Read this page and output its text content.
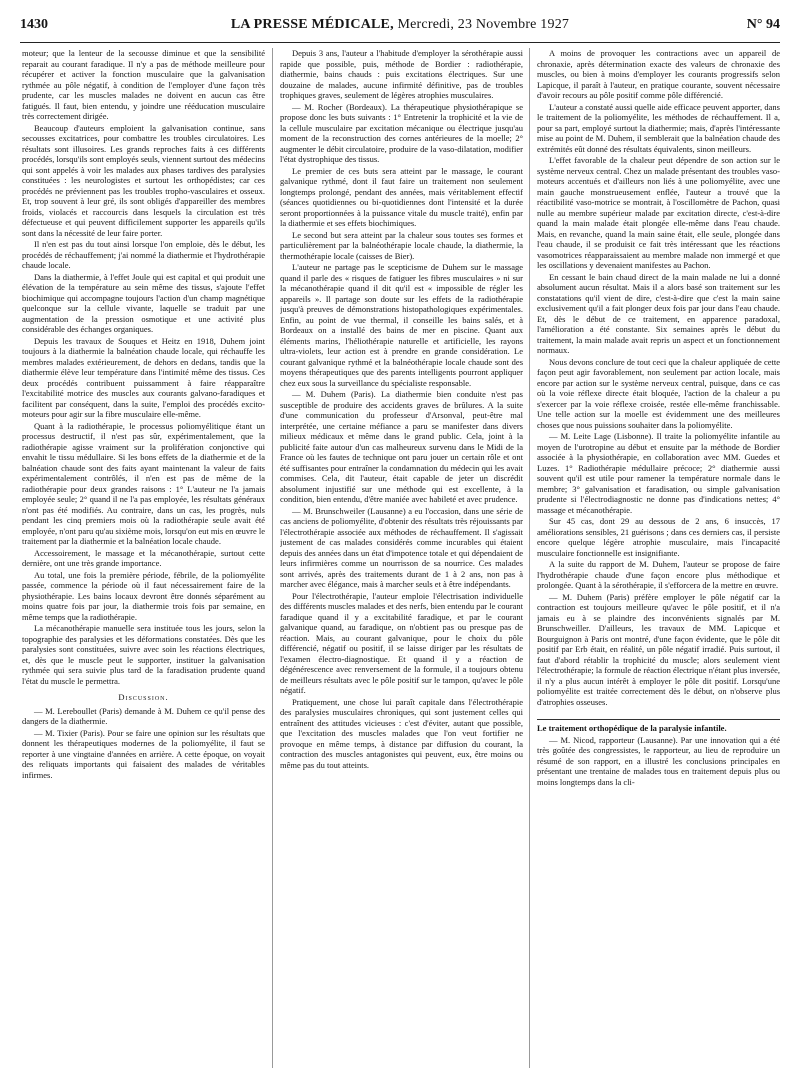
1430	LA PRESSE MÉDICALE, Mercredi, 23 Novembre 1927	N° 94

moteur; que la lenteur de la secousse diminue et que la sensibilité reparait au courant faradique. Il n'y a pas de méthode meilleure pour récupérer et activer la fonction musculaire que la galvanisation rythmée au pôle négatif, à condition de l'employer d'une façon très prudente, car les muscles malades ne doivent en aucun cas être fatigués. Il faut, bien entendu, y joindre une rééducation musculaire très correctement dirigée.

Beaucoup d'auteurs emploient la galvanisation continue, sans secousses excitatrices, pour combattre les troubles circulatoires. Les résultats sont illusoires. Les grands reproches faits à ces différents procédés, lorsqu'ils sont employés seuls, viennent surtout des médecins qui sont appelés à voir les malades aux phases tardives des paralysies constituées : les neurologistes et surtout les orthopédistes; car ces procédés ne préviennent pas les troubles tropho-vasculaires et osseux. Et, trop souvent à leur gré, ils sont obligés d'appareiller des membres froids, violacés et raccourcis dans lesquels la circulation est très défectueuse et qui peuvent difficilement supporter les appareils qu'ils sont dans la nécessité de leur faire porter.

Il n'en est pas du tout ainsi lorsque l'on emploie, dès le début, les procédés de réchauffement; j'ai nommé la diathermie et l'hydrothérapie chaude locale.

Dans la diathermie, à l'effet Joule qui est capital et qui produit une élévation de la température au sein même des tissus, s'ajoute l'effet biochimique qui accompagne toujours l'action d'un champ magnétique quelconque sur la cellule vivante, laquelle se traduit par une augmentation de la pression osmotique et une activité plus considérable des échanges organiques.

Depuis les travaux de Souques et Heitz en 1918, Duhem joint toujours à la diathermie la balnéation chaude locale, qui réchauffe les membres malades extérieurement, de dehors en dedans, tandis que la diathermie élève leur température dans l'intimité même des tissus. Ces deux procédés contribuent puissamment à faire réapparaître l'excitabilité motrice des muscles aux courants galvano-faradiques et facilitent par conséquent, dans la suite, l'emploi des procédés excito-moteurs pour agir sur la fibre musculaire elle-même.

Quant à la radiothérapie, le processus poliomyélitique étant un processus destructif, il n'est pas sûr, expérimentalement, que la radiothérapie agisse vraiment sur la prolifération conjonctive qui envahit le tissu médullaire. Si les bons effets de la diathermie et de la balnéation chaude sont des faits ayant maintenant la valeur de faits expérimentalement contrôlés, il n'en est pas de même de la radiothérapie pour deux grandes raisons : 1° L'auteur ne l'a jamais employée seule; 2° quand il ne l'a pas employée, les résultats généraux n'ont pas été modifiés. Au contraire, dans un cas, les progrès, nuls pendant les cinq premiers mois où la radiothérapie seule avait été employée, n'ont paru qu'au sixième mois, lorsqu'on eut mis en œuvre le traitement par la diathermie et la balnéation locale chaude.

Accessoirement, le massage et la mécanothérapie, surtout cette dernière, ont une très grande importance.

Au total, une fois la première période, fébrile, de la poliomyélite passée, commence la période où il faut nécessairement faire de la physiothérapie. Les bains locaux devront être donnés séparément au moins quatre fois par jour, la diathermie trois fois par semaine, en même temps que la radiothérapie.

La mécanothérapie manuelle sera instituée tous les jours, selon la topographie des paralysies et les déformations constatées. Dès que les paralysies sont constituées, suivre avec soin les réactions électriques, et, dès que le muscle peut le supporter, instituer la galvanisation rythmée qui sera suivie plus tard de la faradisation prudente quand l'état du muscle le permettra.

Discussion.

— M. Lereboullet (Paris) demande à M. Duhem ce qu'il pense des dangers de la diathermie.

— M. Tixier (Paris). Pour se faire une opinion sur les résultats que donnent les thérapeutiques modernes de la poliomyélite, il faut se reporter à une vingtaine d'années en arrière. A cette époque, on voyait des reliquats importants qui faisaient des malades de véritables infirmes.

Depuis 3 ans, l'auteur a l'habitude d'employer la sérothérapie aussi rapide que possible, puis, méthode de Bordier : radiothérapie, diathermie, bains chauds : puis excitations électriques. Sur une douzaine de malades, aucune infirmité définitive, pas de troubles trophiques graves, seulement de légères atrophies musculaires.

— M. Rocher (Bordeaux). La thérapeutique physiothérapique se propose donc les buts suivants : 1° Entretenir la trophicité et la vie de la cellule musculaire par excitation mécanique ou électrique jusqu'au moment de la reconstruction des cornes antérieures de la moelle; 2° augmenter le débit circulatoire, produire de la vaso-dilatation, modifier l'état dystrophique des tissus.

Le premier de ces buts sera atteint par le massage, le courant galvanique rythmé, dont il faut faire un traitement non seulement longtemps prolongé, pendant des années, mais véritablement effectif (séances quotidiennes ou bi-quotidiennes dont l'intensité et la durée seront proportionnées à la puissance vitale du muscle traité), enfin par la diathermie et ses effets biochimiques.

Le second but sera atteint par la chaleur sous toutes ses formes et particulièrement par la balnéothérapie locale chaude, la diathermie, la thermothérapie locale (caisses de Bier).

L'auteur ne partage pas le scepticisme de Duhem sur le massage quand il parle des « risques de fatiguer les fibres musculaires » ni sur la mécanothérapie quand il dit qu'il est « impossible de régler les appareils ». Il partage son doute sur les effets de la radiothérapie jusqu'à preuves de démonstrations histopathologiques expérimentales. Enfin, au point de vue thermal, il conseille les bains salés, et à Bordeaux on a installé des bains de mer en piscine. Quant aux éléments marins, l'héliothérapie naturelle et artificielle, les rayons ultra-violets, leur action est à prendre en grande considération. Le courant galvanique rythmé et la balnéothérapie locale chaude sont des moyens thérapeutiques que des parents intelligents pourront appliquer chez eux sous la surveillance du spécialiste responsable.

— M. Duhem (Paris). La diathermie bien conduite n'est pas susceptible de produire des accidents graves de brûlures. A la suite d'une communication du professeur d'Arsonval, peut-être mal interprétée, une certaine méfiance a paru se manifester dans divers milieux médicaux et même dans le grand public. Cela, joint à la publicité faite autour d'un cas malheureux survenu dans le Midi de la France où les fautes de technique ont paru jouer un certain rôle et ont été suffisantes pour entraîner la condamnation du médecin qui les avait commises. Cela, dit l'auteur, était capable de jeter un discrédit absolument injustifié sur une méthode qui est excellente, à la condition, bien entendu, d'être maniée avec habileté et avec prudence.

— M. Brunschweiler (Lausanne) a eu l'occasion, dans une série de cas anciens de poliomyélite, d'obtenir des résultats très réjouissants par l'électrothérapie associée aux méthodes de réchauffement. Il s'agissait justement de cas malades considérés comme incurables qui étaient depuis des années dans un état d'impotence totale et qui dépendaient de leurs infirmières comme un nourrisson de sa nourrice. Ces malades sont arrivés, après des traitements durant de 1 à 2 ans, non pas à marcher avec élégance, mais à marcher seuls et à être indépendants.

Pour l'électrothérapie, l'auteur emploie l'électrisation individuelle des différents muscles malades et des nerfs, bien entendu par le courant faradique quand il y a excitabilité faradique, et par le courant galvanique quand, au faradique, on n'obtient pas ou presque pas de réaction. Mais, au courant galvanique, pour le choix du pôle différencié, négatif ou positif, il se laisse diriger par les résultats de l'examen électro-diagnostique. Et quand il y a réaction de dégénérescence avec renversement de la formule, il a toujours obtenu de meilleurs résultats avec le pôle positif sur le tampon, qu'avec le pôle négatif.

Pratiquement, une chose lui paraît capitale dans l'électrothérapie des paralysies musculaires chroniques, qui sont justement celles qui entraînent des attitudes vicieuses : c'est d'éviter, autant que possible, que l'excitation des muscles malades que l'on veut fortifier ne provoque en même temps, à distance par diffusion du courant, la contraction des muscles antagonistes qui peuvent, eux, être moins ou même pas du tout atteints.

A moins de provoquer les contractions avec un appareil de chronaxie, après détermination exacte des valeurs de chronaxie des muscles, ou bien à moins d'employer les courants progressifs selon Lapicque, il paraît à l'auteur, en pratique courante, souvent nécessaire d'avoir recours au pôle positif comme pôle différencié.

L'auteur a constaté aussi quelle aide efficace peuvent apporter, dans le traitement de la poliomyélite, les méthodes de réchauffement. Il a, pour sa part, employé surtout la diathermie; mais, d'après l'intéressante mise au point de M. Duhem, il semblerait que la balnéation chaude des extrémités eût donné des résultats équivalents, sinon meilleurs.

L'effet favorable de la chaleur peut dépendre de son action sur le système nerveux central. Chez un malade présentant des troubles vaso-moteurs accentués et d'ailleurs non liés à une poliomyélite, avec une main gauche monstrueusement enflée, l'auteur a trouvé que la réactibilité vaso-motrice se montrait, à l'oscillomètre de Pachon, quasi nulle au membre supérieur malade par excitation directe, c'est-à-dire quand la main malade était plongée elle-même dans l'eau chaude. Mais, en revanche, quand la main saine était, elle seule, plongée dans l'eau chaude, il se produisit ce fait très intéressant que les réactions vasomotrices réapparaissaient au membre malade non immergé et que les oscillations y devenaient manifestes au Pachon.

En cessant le bain chaud direct de la main malade ne lui a donné absolument aucun résultat. Mais il a alors basé son traitement sur les constatations qu'il vient de dire, c'est-à-dire que c'est la main saine exclusivement qu'il a fait plonger deux fois par jour dans l'eau chaude. Et, dès le début de ce traitement, en apparence paradoxal, l'amélioration a été constante. Six semaines après le début du traitement, la main malade avait repris un aspect et un fonctionnement normaux.

Nous devons conclure de tout ceci que la chaleur appliquée de cette façon peut agir favorablement, non seulement par action locale, mais encore par action sur le système nerveux central, puisque, dans ce cas où la voie réflexe directe était bloquée, l'action de la chaleur a pu s'exercer par la voie réflexe croisée, restée elle-même franchissable. Une telle action sur la moelle est évidemment une des meilleures choses que nous puissions souhaiter dans la poliomyélite.

— M. Leite Lage (Lisbonne). Il traite la poliomyélite infantile au moyen de l'urotropine au début et ensuite par la méthode de Bordier associée à la physiothérapie, en collaboration avec MM. Guedes et Luzes. 1° Radiothérapie médullaire précoce; 2° diathermie aussi souvent qu'il est utile pour ramener la température normale dans le membre; 3° galvanisation et faradisation, ou simple galvanisation prudente si l'électrodiagnostic ne donne pas d'indications nettes; 4° massage et mécanothérapie.

Sur 45 cas, dont 29 au dessous de 2 ans, 6 insuccès, 17 améliorations sensibles, 21 guérisons ; dans ces derniers cas, il persiste encore quelque légère atrophie musculaire, mais l'incapacité musculaire fonctionnelle est insignifiante.

A la suite du rapport de M. Duhem, l'auteur se propose de faire l'hydrothérapie chaude d'une façon encore plus méthodique et prolongée. Quant à la sérothérapie, il s'efforcera de la mettre en œuvre.

— M. Duhem (Paris) préfère employer le pôle négatif car la contraction est toujours meilleure qu'avec le pôle positif, et il n'a jamais eu à se plaindre des inconvénients signalés par M. Brunschweiller. D'ailleurs, les travaux de MM. Lapicque et Bourguignon à Paris ont montré, d'une façon évidente, que le pôle dit positif par Erb était, en réalité, un pôle négatif irradié. Puis surtout, il faut d'abord rétablir la trophicité du muscle; alors seulement vient l'électrothérapie; la formule de réaction électrique n'étant plus inversée, il n'y a plus aucun intérêt à employer le pôle dit positif. Lorsqu'une poliomyélite est traitée correctement dès le début, on n'observe plus d'atrophies osseuses.

Le traitement orthopédique de la paralysie infantile.

— M. Nicod, rapporteur (Lausanne). Par une innovation qui a été très goûtée des congressistes, le rapporteur, au lieu de reproduire un résumé de son rapport, en a illustré les conclusions principales en présentant une trentaine de malades tous en traitement depuis plus ou moins longtemps dans la cli-
